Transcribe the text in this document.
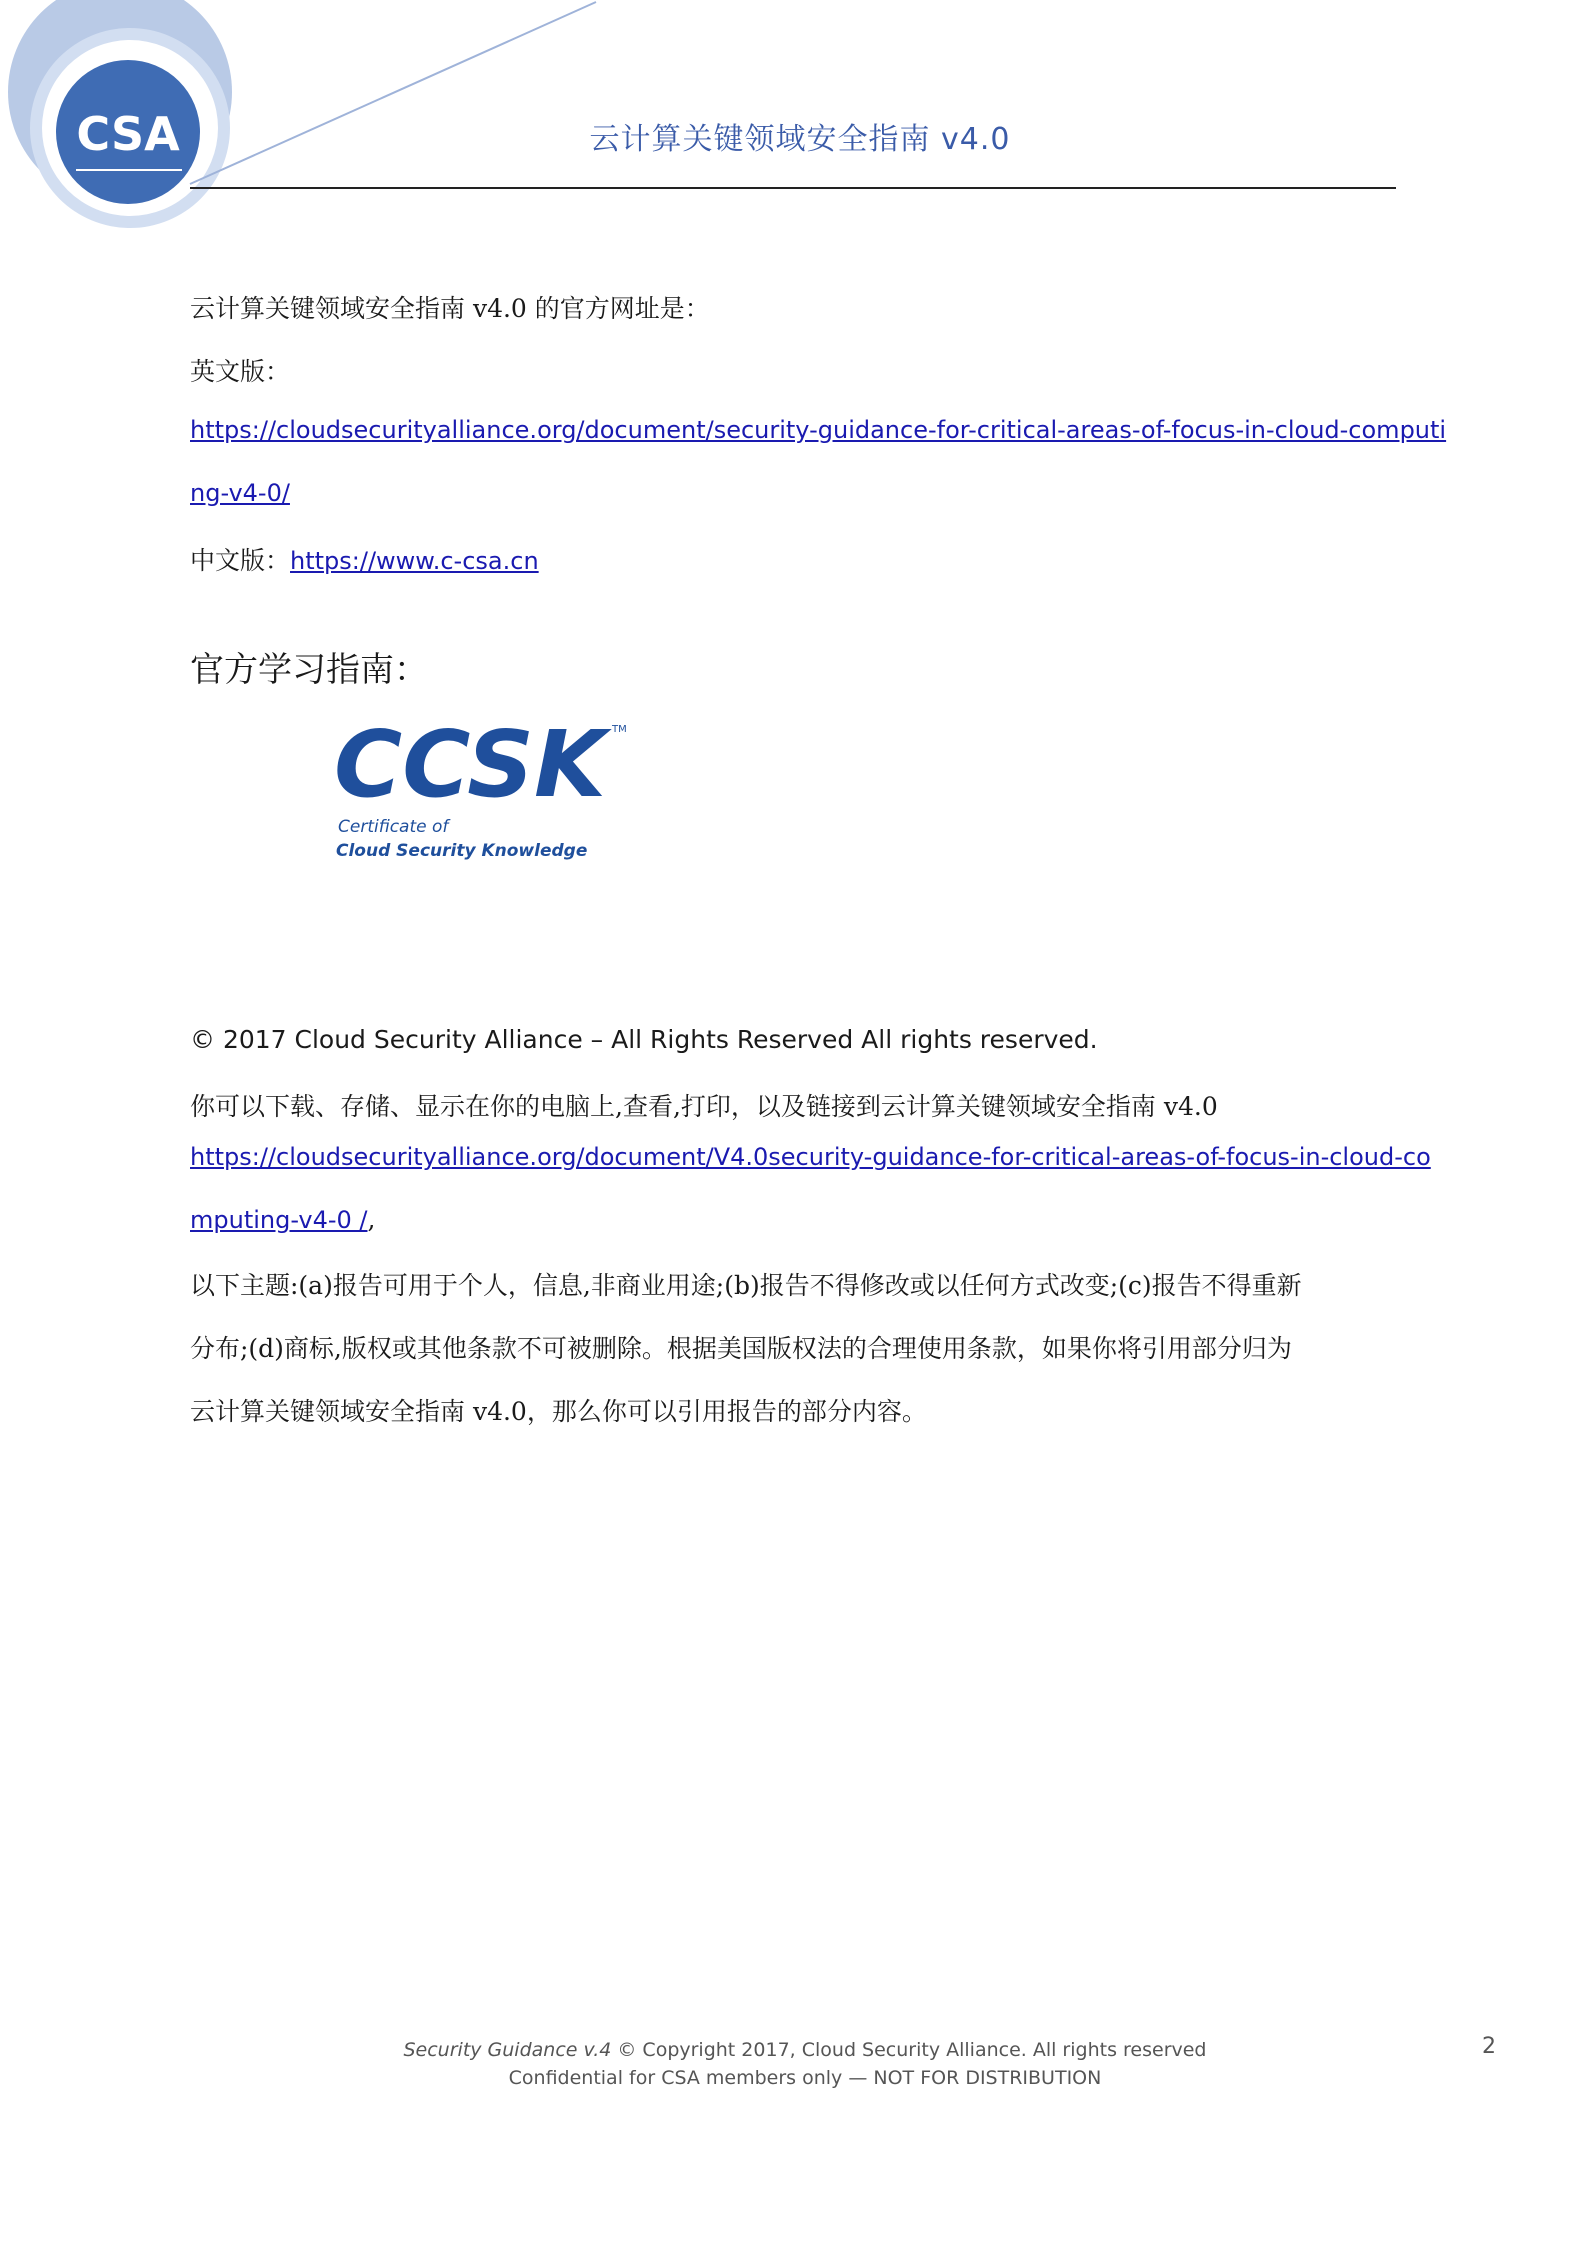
CSA	云计算关键领域安全指南 v4.0
云计算关键领域安全指南 v4.0 的官方网址是：
英文版：
https://cloudsecurityalliance.org/document/security-guidance-for-critical-areas-of-focus-in-cloud-computi
ng-v4-0/
中文版：https://www.c-csa.cn
官方学习指南：
CCSK TM
Certificate of
Cloud Security Knowledge
© 2017 Cloud Security Alliance – All Rights Reserved All rights reserved.
你可以下载、存储、显示在你的电脑上,查看,打印，以及链接到云计算关键领域安全指南 v4.0
https://cloudsecurityalliance.org/document/V4.0security-guidance-for-critical-areas-of-focus-in-cloud-co
mputing-v4-0 /,
以下主题:(a)报告可用于个人，信息,非商业用途;(b)报告不得修改或以任何方式改变;(c)报告不得重新
分布;(d)商标,版权或其他条款不可被删除。根据美国版权法的合理使用条款，如果你将引用部分归为
云计算关键领域安全指南 v4.0，那么你可以引用报告的部分内容。
Security Guidance v.4 © Copyright 2017, Cloud Security Alliance. All rights reserved
Confidential for CSA members only — NOT FOR DISTRIBUTION
2
